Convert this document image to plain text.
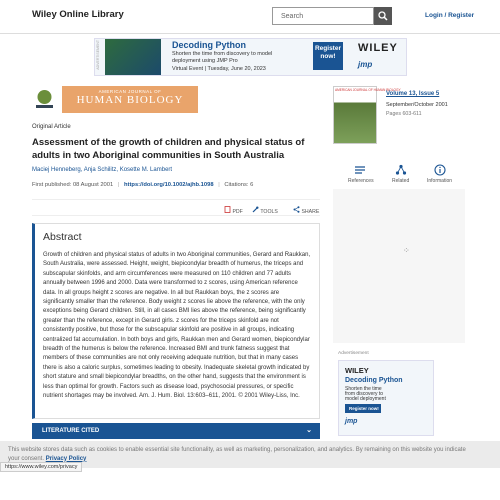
Wiley Online Library	Search	Login / Register
ADVERTISEMENT	Decoding Python
Shorten the time from discovery to model
deployment using JMP Pro
Virtual Event | Tuesday, June 20, 2023
Register now!
WILEY
jmp
AMERICAN JOURNAL OF
HUMAN BIOLOGY
Original Article
Assessment of the growth of children and physical status of adults in two Aboriginal communities in South Australia
Maciej Henneberg, Anja Schilitz, Kosette M. Lambert
First published: 08 August 2001 | https://doi.org/10.1002/ajhb.1098 | Citations: 6
PDF	TOOLS	SHARE
Abstract
Growth of children and physical status of adults in two Aboriginal communities, Gerard and Raukkan, South Australia, were assessed. Height, weight, biepicondylar breadth of humerus, the triceps and subscapular skinfolds, and arm circumferences were measured on 110 children and 77 adults annually between 1996 and 2000. Data were transformed to z scores, using American reference data. In all groups height z scores are negative. In all but Raukkan boys, the z scores are significantly smaller than the reference. Body weight z scores lie above the reference, with the only exceptions being Gerard children. Still, in all cases BMI lies above the reference, being significantly greater than the reference, except in Gerard girls. z scores for the triceps skinfold are not consistently positive, but those for the subscapular skinfold are positive in all groups, indicating centralized fat accumulation. In both boys and girls, Raukkan men and Gerard women, biepicondylar breadth of the humerus is below the reference. Increased BMI and trunk fatness suggest that members of these communities are not only receiving adequate nutrition, but that in many cases there is also a caloric surplus, sometimes leading to obesity. Inadequate skeletal growth indicated by short stature and small biepicondylar breadths, on the other hand, suggests that the environment is less than optimal for growth. Factors such as disease load, psychosocial pressures, or specific nutrient shortages may be involved. Am. J. Hum. Biol. 13:603–611, 2001. © 2001 Wiley-Liss, Inc.
LITERATURE CITED	⌄
AMERICAN JOURNAL OF HUMAN BIOLOGY
Volume 13, Issue 5
September/October 2001
Pages 603-611
References	Related	Information
⁘
Advertisement
WILEY
Decoding Python
Shorten the time
from discovery to
model deployment
Register now!
jmp
This website stores data such as cookies to enable essential site functionality, as well as marketing, personalization, and analytics. By remaining on this website you indicate your consent. Privacy Policy
https://www.wiley.com/privacy
